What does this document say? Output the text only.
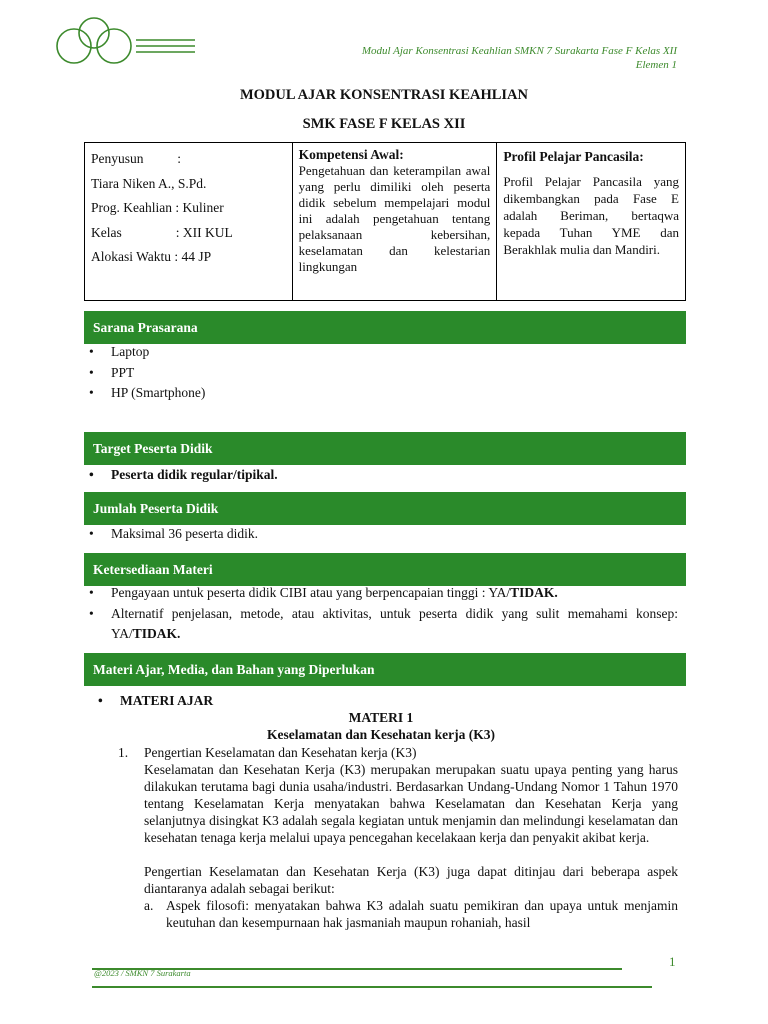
Modul Ajar Konsentrasi Keahlian SMKN 7 Surakarta Fase F Kelas XII
Elemen 1
MODUL AJAR KONSENTRASI KEAHLIAN
SMK FASE F KELAS XII
Penyusun          :
Tiara Niken A., S.Pd.
Prog. Keahlian : Kuliner
Kelas                : XII KUL
Alokasi Waktu : 44 JP

Kompetensi Awal:
Pengetahuan dan keterampilan awal yang perlu dimiliki oleh peserta didik sebelum mempelajari modul ini adalah pengetahuan tentang pelaksanaan kebersihan, keselamatan dan kelestarian lingkungan

Profil Pelajar Pancasila:
Profil Pelajar Pancasila yang dikembangkan pada Fase E adalah Beriman, bertaqwa kepada Tuhan YME dan Berakhlak mulia dan Mandiri.
Sarana Prasarana
• Laptop
• PPT
• HP (Smartphone)
Target Peserta Didik
• Peserta didik regular/tipikal.
Jumlah Peserta Didik
• Maksimal 36 peserta didik.
Ketersediaan Materi
• Pengayaan untuk peserta didik CIBI atau yang berpencapaian tinggi : YA/TIDAK.
• Alternatif penjelasan, metode, atau aktivitas, untuk peserta didik yang sulit memahami konsep: YA/TIDAK.
Materi Ajar, Media, dan Bahan yang Diperlukan
• MATERI AJAR
MATERI 1
Keselamatan dan Kesehatan kerja (K3)
1. Pengertian Keselamatan dan Kesehatan kerja (K3)
Keselamatan dan Kesehatan Kerja (K3) merupakan merupakan suatu upaya penting yang harus dilakukan terutama bagi dunia usaha/industri. Berdasarkan Undang-Undang Nomor 1 Tahun 1970 tentang Keselamatan Kerja menyatakan bahwa Keselamatan dan Kesehatan Kerja yang selanjutnya disingkat K3 adalah segala kegiatan untuk menjamin dan melindungi keselamatan dan kesehatan tenaga kerja melalui upaya pencegahan kecelakaan kerja dan penyakit akibat kerja.
Pengertian Keselamatan dan Kesehatan Kerja (K3) juga dapat ditinjau dari beberapa aspek diantaranya adalah sebagai berikut:
a. Aspek filosofi: menyatakan bahwa K3 adalah suatu pemikiran dan upaya untuk menjamin keutuhan dan kesempurnaan hak jasmaniah maupun rohaniah, hasil
1
@2023 / SMKN 7 Surakarta
